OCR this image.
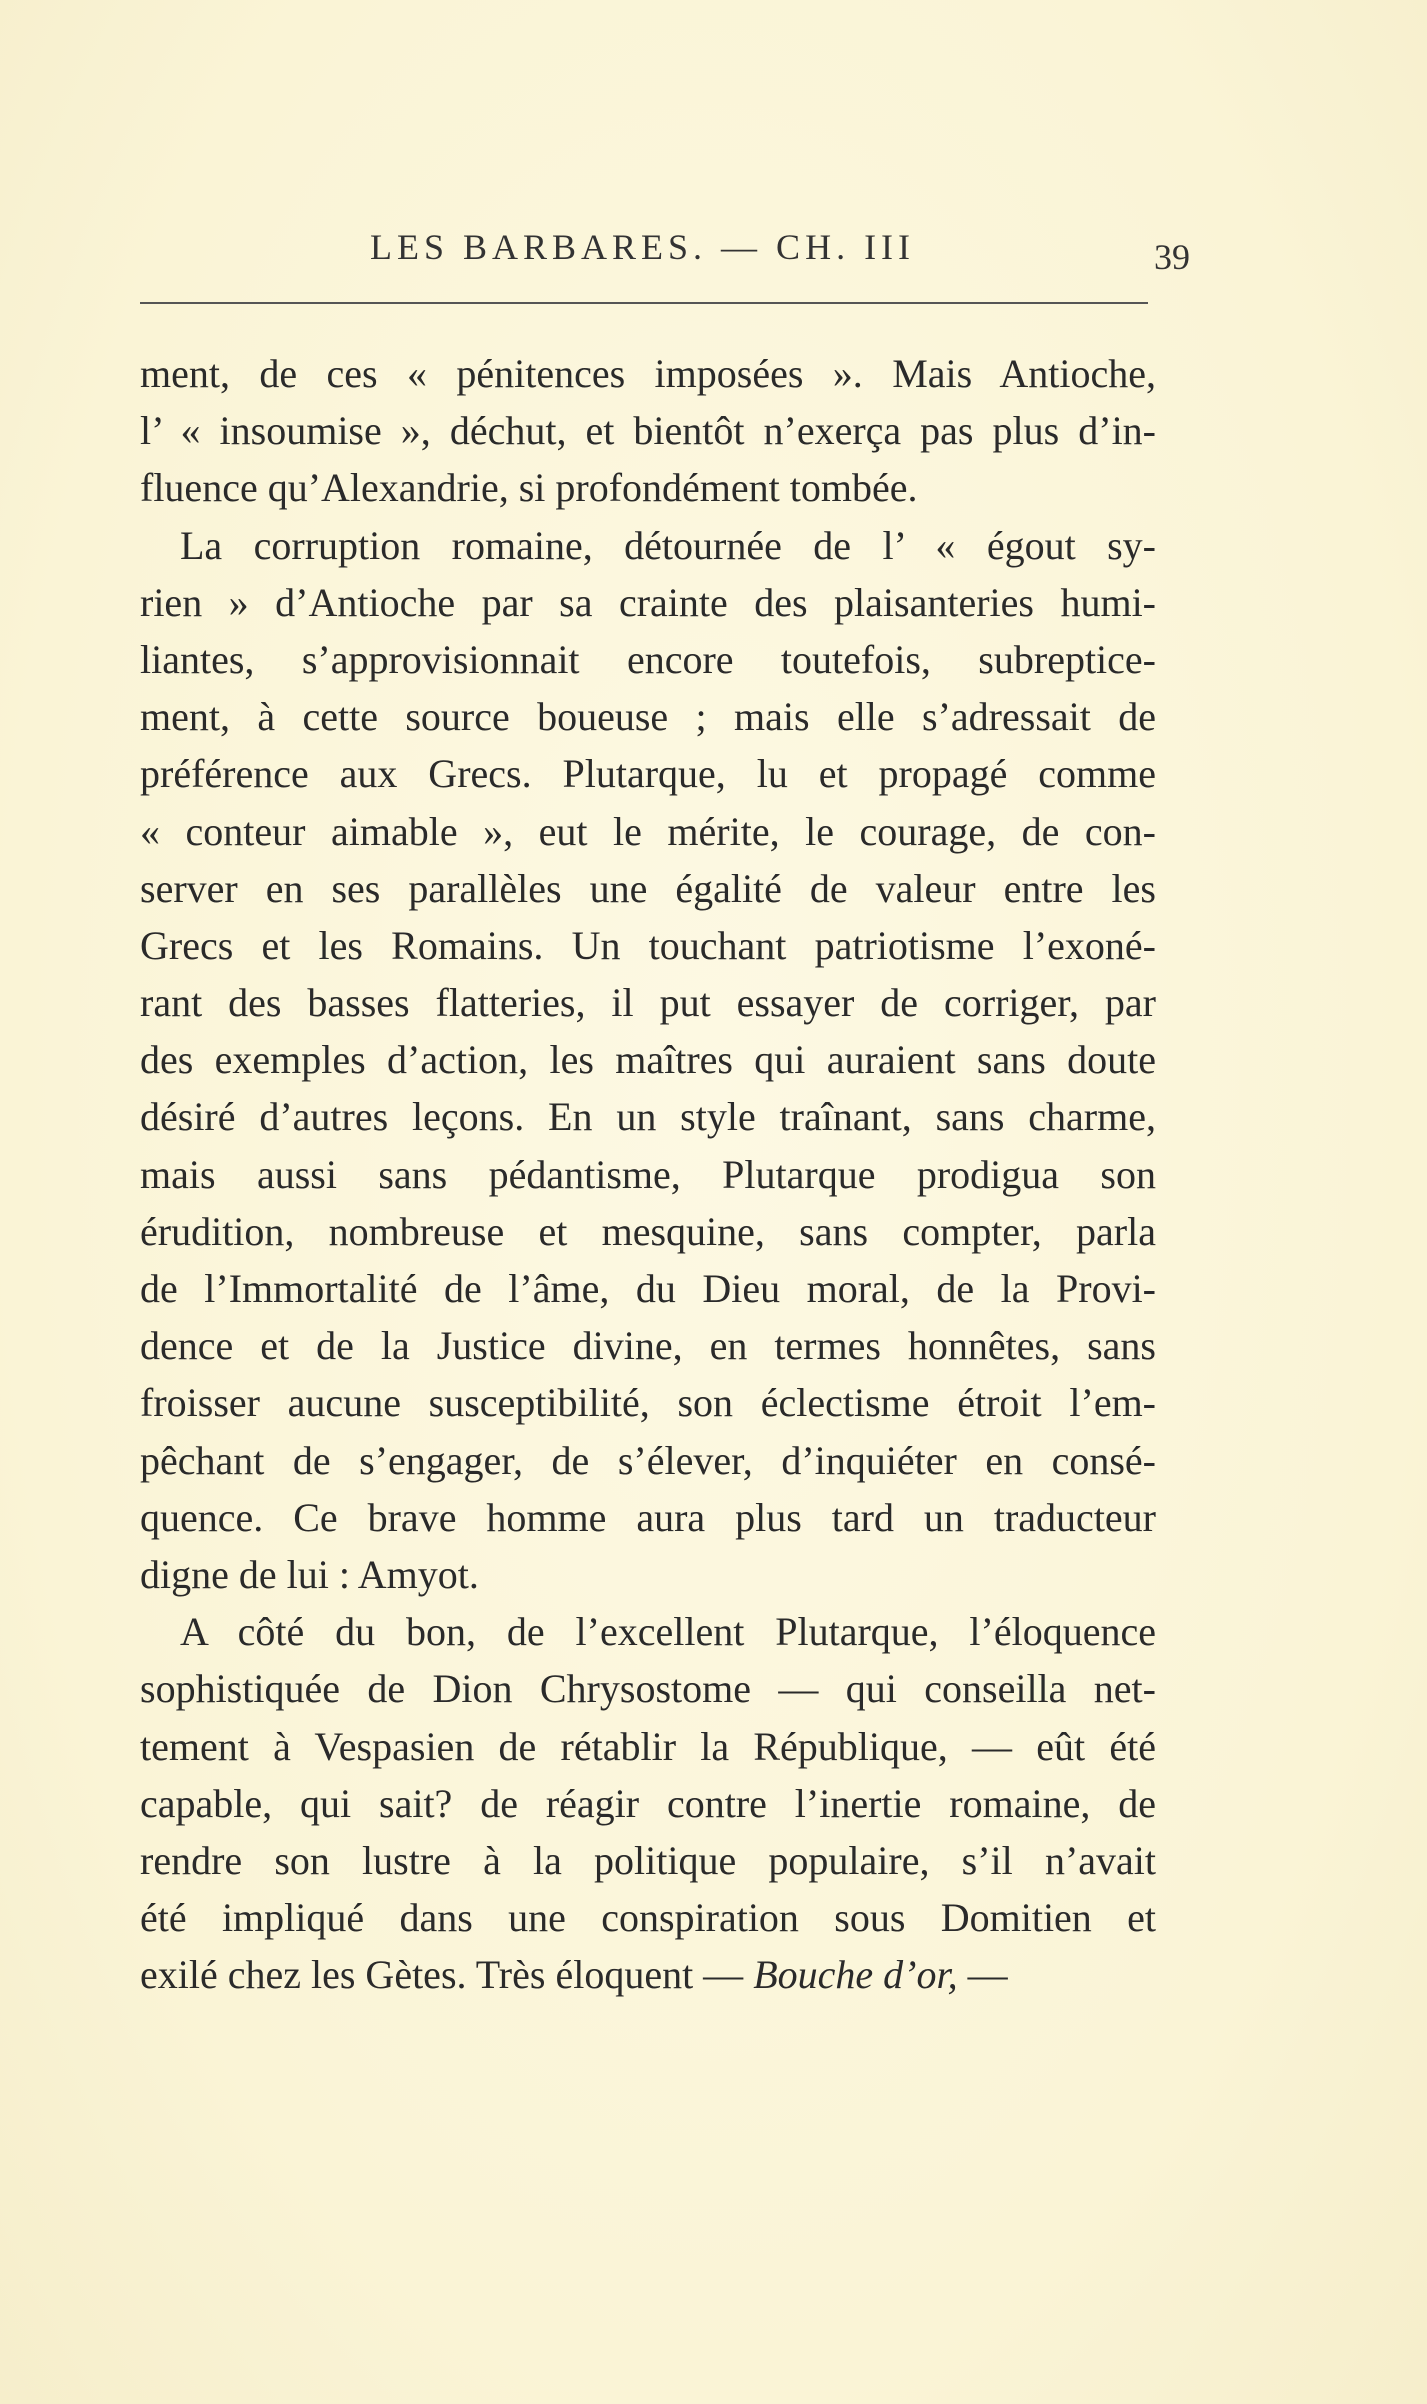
LES BARBARES. — CH. III	39
ment, de ces « pénitences imposées ». Mais Antioche,
l’ « insoumise », déchut, et bientôt n’exerça pas plus d’in-
fluence qu’Alexandrie, si profondément tombée.
La corruption romaine, détournée de l’ « égout sy-
rien » d’Antioche par sa crainte des plaisanteries humi-
liantes, s’approvisionnait encore toutefois, subreptice-
ment, à cette source boueuse ; mais elle s’adressait de
préférence aux Grecs. Plutarque, lu et propagé comme
« conteur aimable », eut le mérite, le courage, de con-
server en ses parallèles une égalité de valeur entre les
Grecs et les Romains. Un touchant patriotisme l’exoné-
rant des basses flatteries, il put essayer de corriger, par
des exemples d’action, les maîtres qui auraient sans doute
désiré d’autres leçons. En un style traînant, sans charme,
mais aussi sans pédantisme, Plutarque prodigua son
érudition, nombreuse et mesquine, sans compter, parla
de l’Immortalité de l’âme, du Dieu moral, de la Provi-
dence et de la Justice divine, en termes honnêtes, sans
froisser aucune susceptibilité, son éclectisme étroit l’em-
pêchant de s’engager, de s’élever, d’inquiéter en consé-
quence. Ce brave homme aura plus tard un traducteur
digne de lui : Amyot.
A côté du bon, de l’excellent Plutarque, l’éloquence
sophistiquée de Dion Chrysostome — qui conseilla net-
tement à Vespasien de rétablir la République, — eût été
capable, qui sait? de réagir contre l’inertie romaine, de
rendre son lustre à la politique populaire, s’il n’avait
été impliqué dans une conspiration sous Domitien et
exilé chez les Gètes. Très éloquent — Bouche d’or, —
